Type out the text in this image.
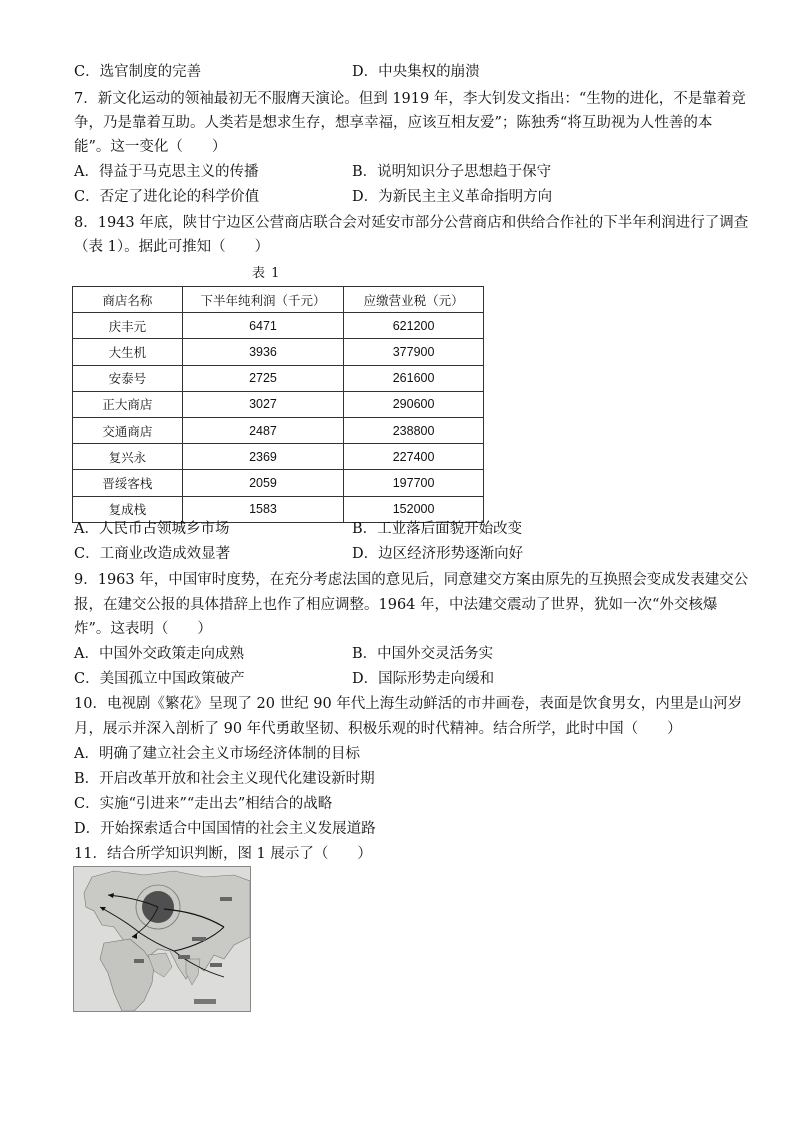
C．选官制度的完善	D．中央集权的崩溃
7．新文化运动的领袖最初无不服膺天演论。但到 1919 年，李大钊发文指出：“生物的进化，不是靠着竞
争，乃是靠着互助。人类若是想求生存，想享幸福，应该互相友爱”；陈独秀“将互助视为人性善的本
能”。这一变化（　　）
A．得益于马克思主义的传播	B．说明知识分子思想趋于保守
C．否定了进化论的科学价值	D．为新民主主义革命指明方向
8．1943 年底，陕甘宁边区公营商店联合会对延安市部分公营商店和供给合作社的下半年利润进行了调查
（表 1）。据此可推知（　　）
表 1
商店名称	下半年纯利润（千元）	应缴营业税（元）
庆丰元	6471	621200
大生机	3936	377900
安泰号	2725	261600
正大商店	3027	290600
交通商店	2487	238800
复兴永	2369	227400
晋绥客栈	2059	197700
复成栈	1583	152000
A．人民币占领城乡市场	B．工业落后面貌开始改变
C．工商业改造成效显著	D．边区经济形势逐渐向好
9．1963 年，中国审时度势，在充分考虑法国的意见后，同意建交方案由原先的互换照会变成发表建交公
报，在建交公报的具体措辞上也作了相应调整。1964 年，中法建交震动了世界，犹如一次“外交核爆
炸”。这表明（　　）
A．中国外交政策走向成熟	B．中国外交灵活务实
C．美国孤立中国政策破产	D．国际形势走向缓和
10．电视剧《繁花》呈现了 20 世纪 90 年代上海生动鲜活的市井画卷，表面是饮食男女，内里是山河岁
月，展示并深入剖析了 90 年代勇敢坚韧、积极乐观的时代精神。结合所学，此时中国（　　）
A．明确了建立社会主义市场经济体制的目标
B．开启改革开放和社会主义现代化建设新时期
C．实施“引进来”“走出去”相结合的战略
D．开始探索适合中国国情的社会主义发展道路
11．结合所学知识判断，图 1 展示了（　　）
